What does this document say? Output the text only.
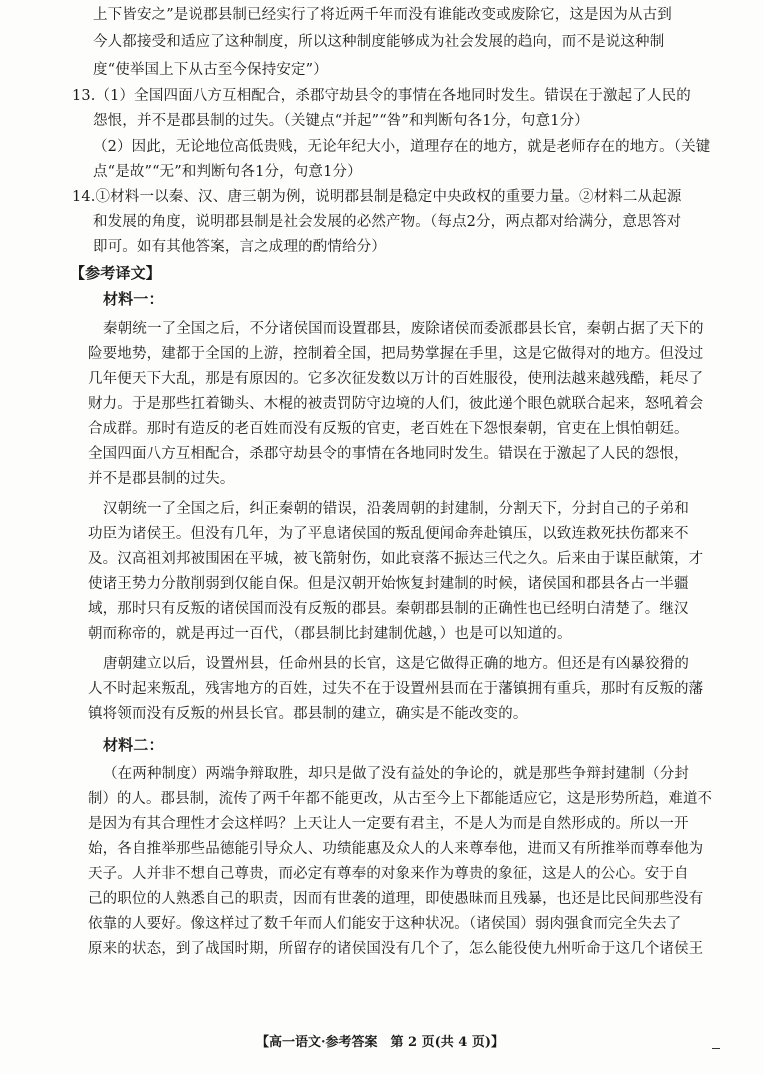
上下皆安之”是说郡县制已经实行了将近两千年而没有谁能改变或废除它，这是因为从古到
今人都接受和适应了这种制度，所以这种制度能够成为社会发展的趋向，而不是说这种制
度“使举国上下从古至今保持安定”）
13.（1）全国四面八方互相配合，杀郡守劫县令的事情在各地同时发生。错误在于激起了人民的
怨恨，并不是郡县制的过失。（关键点“并起”“咎”和判断句各1分，句意1分）
（2）因此，无论地位高低贵贱，无论年纪大小，道理存在的地方，就是老师存在的地方。（关键
点“是故”“无”和判断句各1分，句意1分）
14.①材料一以秦、汉、唐三朝为例，说明郡县制是稳定中央政权的重要力量。②材料二从起源
和发展的角度，说明郡县制是社会发展的必然产物。（每点2分，两点都对给满分，意思答对
即可。如有其他答案，言之成理的酌情给分）
【参考译文】
材料一：
秦朝统一了全国之后，不分诸侯国而设置郡县，废除诸侯而委派郡县长官，秦朝占据了天下的
险要地势，建都于全国的上游，控制着全国，把局势掌握在手里，这是它做得对的地方。但没过
几年便天下大乱，那是有原因的。它多次征发数以万计的百姓服役，使刑法越来越残酷，耗尽了
财力。于是那些扛着锄头、木棍的被责罚防守边境的人们，彼此递个眼色就联合起来，怒吼着会
合成群。那时有造反的老百姓而没有反叛的官吏，老百姓在下怨恨秦朝，官吏在上惧怕朝廷。
全国四面八方互相配合，杀郡守劫县令的事情在各地同时发生。错误在于激起了人民的怨恨，
并不是郡县制的过失。
汉朝统一了全国之后，纠正秦朝的错误，沿袭周朝的封建制，分割天下，分封自己的子弟和
功臣为诸侯王。但没有几年，为了平息诸侯国的叛乱便闻命奔赴镇压，以致连救死扶伤都来不
及。汉高祖刘邦被围困在平城，被飞箭射伤，如此衰落不振达三代之久。后来由于谋臣献策，才
使诸王势力分散削弱到仅能自保。但是汉朝开始恢复封建制的时候，诸侯国和郡县各占一半疆
域，那时只有反叛的诸侯国而没有反叛的郡县。秦朝郡县制的正确性也已经明白清楚了。继汉
朝而称帝的，就是再过一百代，（郡县制比封建制优越，）也是可以知道的。
唐朝建立以后，设置州县，任命州县的长官，这是它做得正确的地方。但还是有凶暴狡猾的
人不时起来叛乱，残害地方的百姓，过失不在于设置州县而在于藩镇拥有重兵，那时有反叛的藩
镇将领而没有反叛的州县长官。郡县制的建立，确实是不能改变的。
材料二：
（在两种制度）两端争辩取胜，却只是做了没有益处的争论的，就是那些争辩封建制（分封
制）的人。郡县制，流传了两千年都不能更改，从古至今上下都能适应它，这是形势所趋，难道不
是因为有其合理性才会这样吗？上天让人一定要有君主，不是人为而是自然形成的。所以一开
始，各自推举那些品德能引导众人、功绩能惠及众人的人来尊奉他，进而又有所推举而尊奉他为
天子。人并非不想自己尊贵，而必定有尊奉的对象来作为尊贵的象征，这是人的公心。安于自
己的职位的人熟悉自己的职责，因而有世袭的道理，即使愚昧而且残暴，也还是比民间那些没有
依靠的人要好。像这样过了数千年而人们能安于这种状况。（诸侯国）弱肉强食而完全失去了
原来的状态，到了战国时期，所留存的诸侯国没有几个了，怎么能役使九州听命于这几个诸侯王
【高一语文·参考答案　第 2 页(共 4 页)】
